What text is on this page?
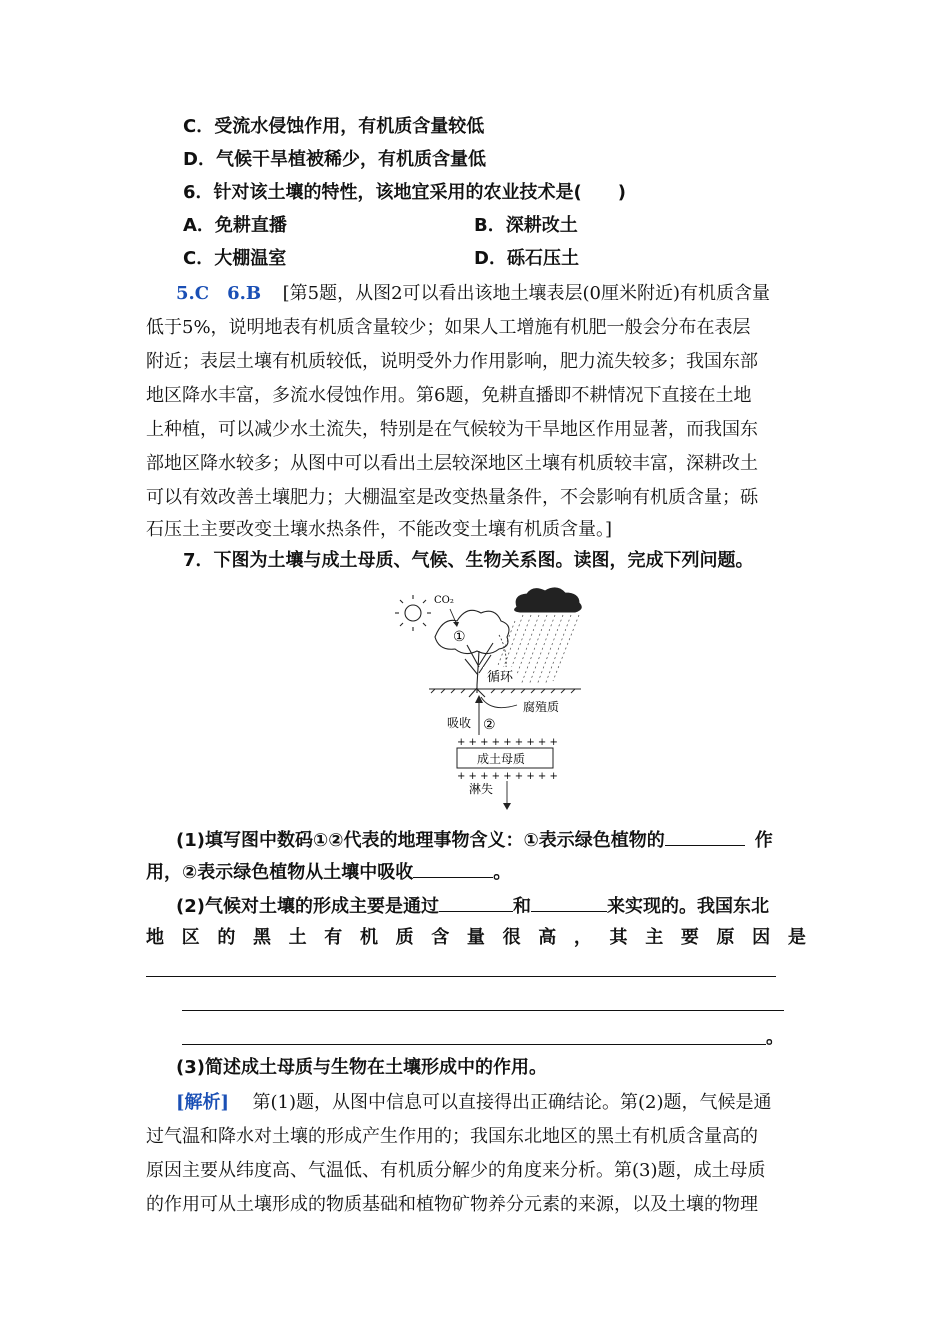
C．受流水侵蚀作用，有机质含量较低
D．气候干旱植被稀少，有机质含量低
6．针对该土壤的特性，该地宜采用的农业技术是(　　)
A．免耕直播	B．深耕改土
C．大棚温室	D．砾石压土
5.C　6.B [第5题，从图2可以看出该地土壤表层(0厘米附近)有机质含量
低于5%，说明地表有机质含量较少；如果人工增施有机肥一般会分布在表层
附近；表层土壤有机质较低，说明受外力作用影响，肥力流失较多；我国东部
地区降水丰富，多流水侵蚀作用。第6题，免耕直播即不耕情况下直接在土地
上种植，可以减少水土流失，特别是在气候较为干旱地区作用显著，而我国东
部地区降水较多；从图中可以看出土层较深地区土壤有机质较丰富，深耕改土
可以有效改善土壤肥力；大棚温室是改变热量条件，不会影响有机质含量；砾
石压土主要改变土壤水热条件，不能改变土壤有机质含量。]
7．下图为土壤与成土母质、气候、生物关系图。读图，完成下列问题。
CO₂
①
循环
腐殖质
吸收 ②
+ + + + + + + + +
成土母质
+ + + + + + + + +
淋失
(1)填写图中数码①②代表的地理事物含义：①表示绿色植物的	作
用，②表示绿色植物从土壤中吸收	。
(2)气候对土壤的形成主要是通过	和	来实现的。我国东北
地 区 的 黑 土 有 机 质 含 量 很 高 ， 其 主 要 原 因 是
。
(3)简述成土母质与生物在土壤形成中的作用。
[解析] 第(1)题，从图中信息可以直接得出正确结论。第(2)题，气候是通
过气温和降水对土壤的形成产生作用的；我国东北地区的黑土有机质含量高的
原因主要从纬度高、气温低、有机质分解少的角度来分析。第(3)题，成土母质
的作用可从土壤形成的物质基础和植物矿物养分元素的来源，以及土壤的物理
